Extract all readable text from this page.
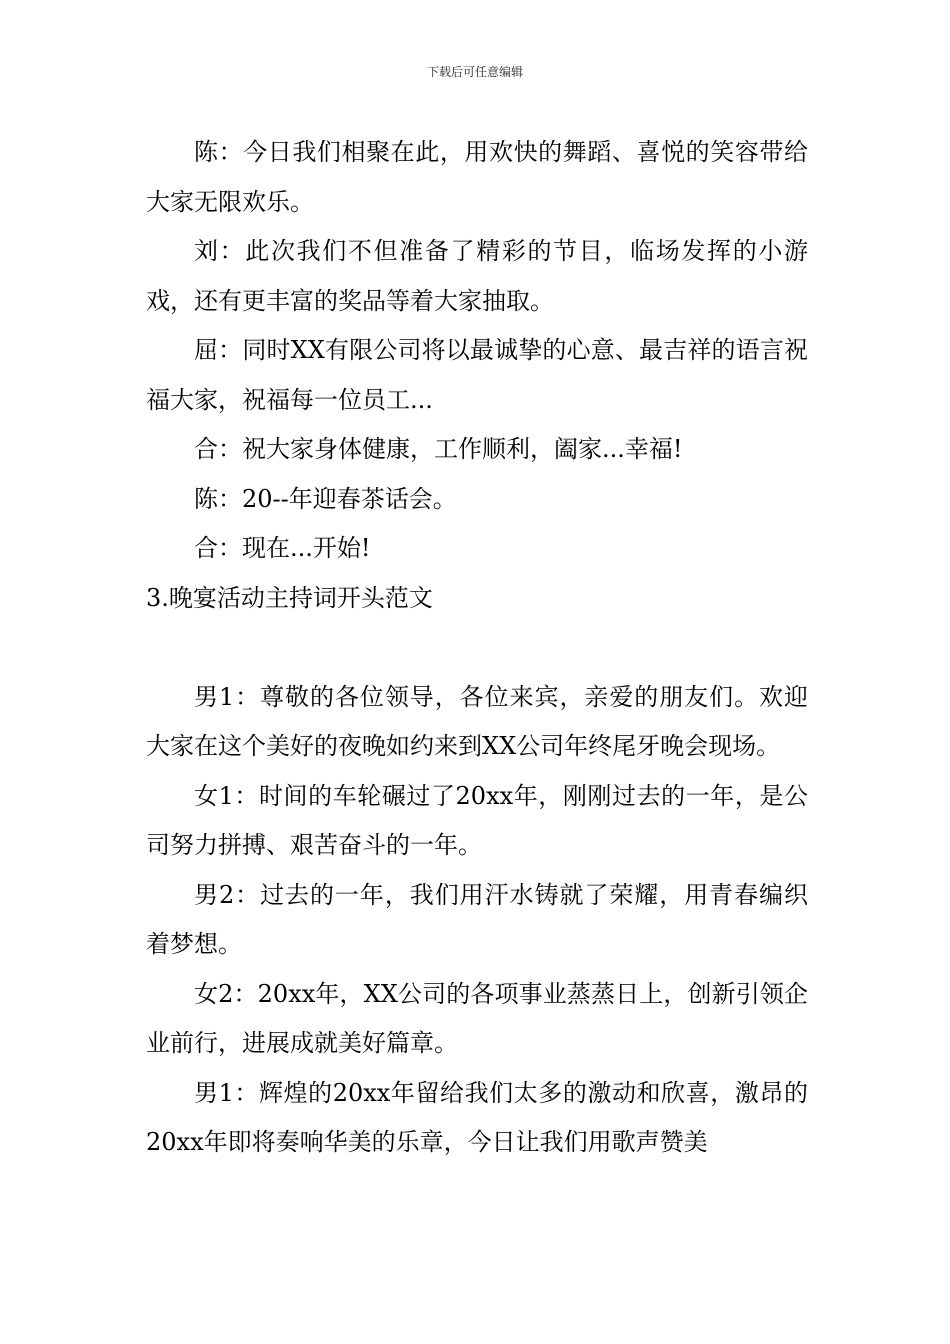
下载后可任意编辑

陈：今日我们相聚在此，用欢快的舞蹈、喜悦的笑容带给大家无限欢乐。

刘：此次我们不但准备了精彩的节目，临场发挥的小游戏，还有更丰富的奖品等着大家抽取。

屈：同时XX有限公司将以最诚挚的心意、最吉祥的语言祝福大家，祝福每一位员工...

合：祝大家身体健康，工作顺利，阖家...幸福!

陈：20--年迎春茶话会。

合：现在...开始!

3.晚宴活动主持词开头范文

男1：尊敬的各位领导，各位来宾，亲爱的朋友们。欢迎大家在这个美好的夜晚如约来到XX公司年终尾牙晚会现场。

女1：时间的车轮碾过了20xx年，刚刚过去的一年，是公司努力拼搏、艰苦奋斗的一年。

男2：过去的一年，我们用汗水铸就了荣耀，用青春编织着梦想。

女2：20xx年，XX公司的各项事业蒸蒸日上，创新引领企业前行，进展成就美好篇章。

男1：辉煌的20xx年留给我们太多的激动和欣喜，激昂的20xx年即将奏响华美的乐章，今日让我们用歌声赞美
